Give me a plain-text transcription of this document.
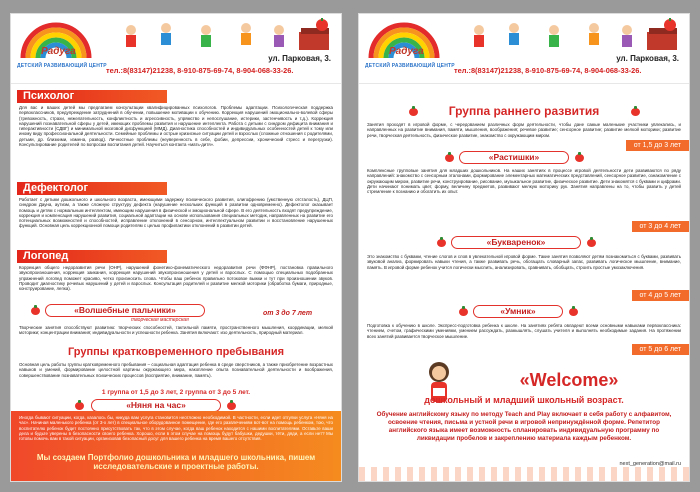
Радуга
ДЕТСКИЙ РАЗВИВАЮЩИЙ ЦЕНТР
ул. Парковая, 3.
тел.:8(83147)21238, 8-910-875-69-74, 8-904-068-33-26.
Психолог
Для вас и ваших детей мы предлагаем консультации квалифицированных психологов. Проблемы адаптации. Психологическая поддержка первоклассников, предупреждение затруднений в обучении, повышение мотивации к обучению. Коррекция нарушений эмоционально-волевой сферы (тревожность, страхи, нежелательность, конфликтность и агрессивность, упрямство и непослушание, истерики, застенчивость и т.д.). Коррекция нарушений познавательной сферы у детей, имеющих проблемы развития и нарушение интеллекта. Работа с детьми с синдром дефицита внимания и гиперактивности (СДВГ) и минимальной мозговой дисфункцией (ММД). Диагностика способностей и индивидуальных особенностей детей к тому или иному виду профессиональной деятельности. Семейные проблемы и острые кризисные ситуации детей и взрослых (сложные отношения с родителями, детьми, др. близкими, измена, развод). Личностные проблемы (неуверенность в себе, фобии, депрессии, хронический стресс и перегрузки). Консультирование родителей по вопросам воспитания детей. Научиться контакта «мать-дитя».
Дефектолог
Работает с детьми дошкольного и школьного возраста, имеющими задержку психического развития, олигофрению (умственную отсталость), ДЦП, синдром Дауна, аутизм, а также сложную структуру дефекта (нарушение нескольких функций в развитии одновременно). Дефектолог оказывает помощь и детям с нормальным интеллектом, имеющим нарушения в физической и эмоциональной сфере. В его деятельность входят предупреждение, коррекция и компенсация нарушений развития, социальной адаптации на основе использования специальных методик, направленных на развитие его потенциальных возможностей и способностей, исправление отклонений в сенсорном, интеллектуальном развитии и восстановление нарушенных функций. Основная цель коррекционной помощи родителям с целью профилактики отклонений в развитии детей.
Логопед
Коррекция общего недоразвития речи (ОНР), нарушений фонетико-фонематического недоразвития речи (ФФНР), постановка правильного звукопроизношения, коррекция заикания, коррекция нарушений звукопроизношения у детей и взрослых. С помощью специальных подобранных упражнений логопед поможет красиво, четко произносить слова. Чтобы ваш ребенок правильно потоковое выжки и тут при произношении звуков. Проводит диагностику речевых нарушений у детей и взрослых. Консультация родителей и развитие мелкой моторики (обработка бумаги, природные, конструирование, лепка).
«Волшебные пальчики»
творческая мастерская
от 3 до 7 лет
Творческие занятия способствуют развитию: творческих способностей, тактильной памяти, пространственного мышления, координации, мелкой моторики; концентрации внимания; индивидуальности и успешности ребенка. Занятия включают: изо деятельность, природный материал.
Группы кратковременного пребывания
Основная цель работы группы кратковременного пребывания – социальная адаптация ребенка в среде сверстников, а также приобретение возрастных навыков и умений, формирование целостной картины окружающего мира, накопление опыта познавательной деятельности и воображения, совершенствование познавательных психических процессов (восприятие, внимание, память).
1 группа от 1,5 до 3 лет, 2 группа от 3 до 5 лет.
«Няня на час»
Иногда бывают ситуации, когда, казалось бы, никуда вам услуга становится неотложно необходимой. В частности, если идет отгулки услуга «Няня на час». Начиная маленького ребенка (от 3-х лет) в специальное оборудованное помещение, где его развлечениям вот-вот на помощь ребенком, тою, что воспитателю ребенок будет постоянно присутствовать так, что в этом случае, когда ваш ребенок находится с нашими воспитателями. Оставьте ваши дела и будьте уверены в безопасности своего ребенка. Хорошо, если в этом случае на помощь будут бабушки, дедушки, тёти, дяди, а если нет? Мы готовы помочь вам в такой ситуации, организовав безопасный досуг для вашего ребенка на время вашего отсутствия.
Мы создаем Портфолио дошкольника и младшего школьника, пишем исследовательские и проектные работы.
Радуга
ДЕТСКИЙ РАЗВИВАЮЩИЙ ЦЕНТР
ул. Парковая, 3.
тел.:8(83147)21238, 8-910-875-69-74, 8-904-068-33-26.
Группа раннего развития
Занятия проходят в игровой форме, с чередованием различных форм деятельности, чтобы дане самые маленькие участники увлекались, и направленных на развитие внимания, памяти, мышления, воображения; речевое развитие; сенсорное развитие; развитие мелкой моторики; развитие речи, творческая деятельность, физическое развитие, знакомство с окружающим миром.
«Растишки»
от 1,5 до 3 лет
Комплексные групповые занятия для младших дошкольников. На наших занятиях в процессе игровой деятельности дети развиваются по ряду направлений: знакомство с сенсорным эталонами, формирование элементарных математических представлений, сенсорное развитие, ознакомление с окружающим миром, развитие речи, конструирование, рисование, музыкальное развитие, физическое развитие. Дети знакомятся с буквами и цифрами. Дети начинают понимать цвет, форму, величину предметов, развивают мелкую моторику рук. Занятия направлены на то, чтобы развить у детей стремление к познанию и обогатить их опыт.
от 3 до 4 лет
«Букваренок»
Это знакомство с буквами, чтение слогов и слов в увлекательной игровой форме. Такие занятия позволяют детям познакомиться с буквами, развивать звуковой анализ, формировать навыки чтения, а также развивать речь, обогащать словарный запас, развивать логическое мышление, внимание, память. В игровой форме ребенок учится логически мыслить, анализировать, сравнивать, обобщать, строить простые умозаключения.
от 4 до 5 лет
«Умник»
Подготовка к обучению в школе. Экспресс-подготовка ребенка к школе. На занятиях ребята овладеют всеми основными навыками первоклассника: чтением, счетом, графическими умениями, умением рассуждать, размышлять, слушать учителя и выполнять необходимые задания. На протяжении всех занятий развивается творческое мышление.
от 5 до 6 лет
«Welcome»
дошкольный и младший школьный возраст.
Обучение английскому языку по методу Teach and Play включает в себя работу с алфавитом, освоение чтения, письма и устной речи в игровой непринуждённой форме. Репетитор английского языка имеет возможность спланировать индивидуальную программу по ликвидации пробелов и закреплению материала каждым ребенком.
next_generation@mail.ru
